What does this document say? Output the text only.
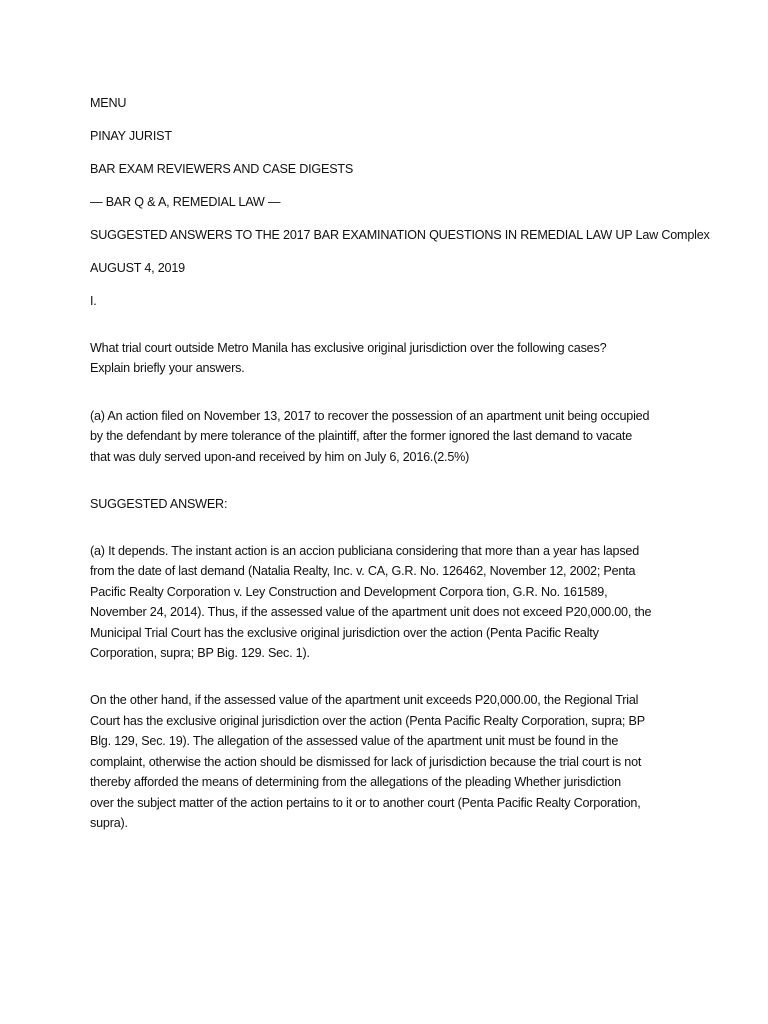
MENU

PINAY JURIST

BAR EXAM REVIEWERS AND CASE DIGESTS

— BAR Q & A, REMEDIAL LAW —

SUGGESTED ANSWERS TO THE 2017 BAR EXAMINATION QUESTIONS IN REMEDIAL LAW UP Law Complex

AUGUST 4, 2019

I.

What trial court outside Metro Manila has exclusive original jurisdiction over the following cases?
Explain briefly your answers.
(a) An action filed on November 13, 2017 to recover the possession of an apartment unit being occupied
by the defendant by mere tolerance of the plaintiff, after the former ignored the last demand to vacate
that was duly served upon-and received by him on July 6, 2016.(2.5%)

SUGGESTED ANSWER:

(a) It depends. The instant action is an accion publiciana considering that more than a year has lapsed
from the date of last demand (Natalia Realty, Inc. v. CA, G.R. No. 126462, November 12, 2002; Penta
Pacific Realty Corporation v. Ley Construction and Development Corpora tion, G.R. No. 161589,
November 24, 2014). Thus, if the assessed value of the apartment unit does not exceed P20,000.00, the
Municipal Trial Court has the exclusive original jurisdiction over the action (Penta Pacific Realty
Corporation, supra; BP Big. 129. Sec. 1).
On the other hand, if the assessed value of the apartment unit exceeds P20,000.00, the Regional Trial
Court has the exclusive original jurisdiction over the action (Penta Pacific Realty Corporation, supra; BP
Blg. 129, Sec. 19). The allegation of the assessed value of the apartment unit must be found in the
complaint, otherwise the action should be dismissed for lack of jurisdiction because the trial court is not
thereby afforded the means of determining from the allegations of the pleading Whether jurisdiction
over the subject matter of the action pertains to it or to another court (Penta Pacific Realty Corporation,
supra).
